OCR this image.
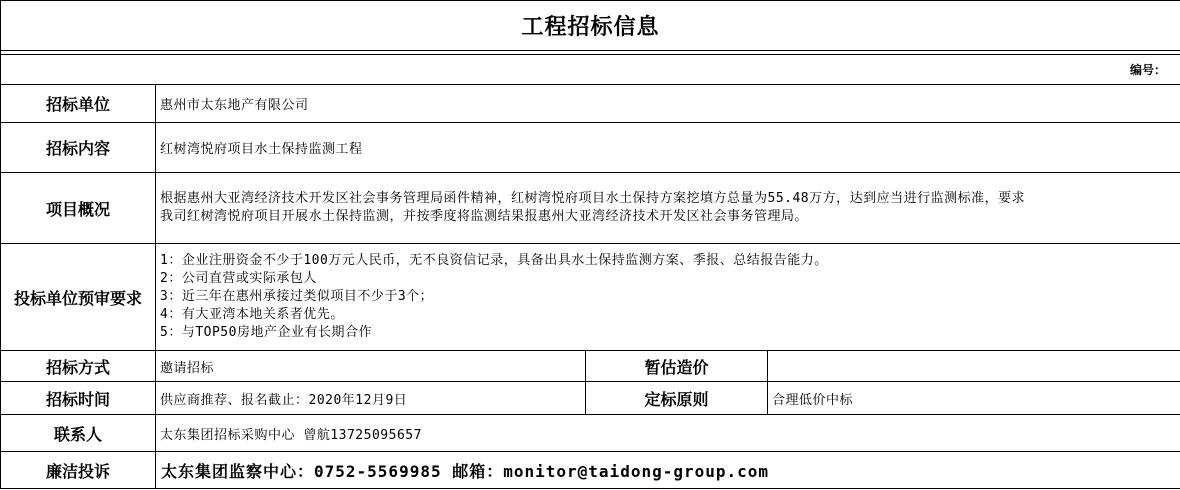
工程招标信息			

编号：			
招标单位	惠州市太东地产有限公司		
招标内容	红树湾悦府项目水土保持监测工程		
项目概况	根据惠州大亚湾经济技术开发区社会事务管理局函件精神，红树湾悦府项目水土保持方案挖填方总量为55.48万方，达到应当进行监测标准，要求
我司红树湾悦府项目开展水土保持监测，并按季度将监测结果报惠州大亚湾经济技术开发区社会事务管理局。		

投标单位预审要求	1：企业注册资金不少于100万元人民币，无不良资信记录，具备出具水土保持监测方案、季报、总结报告能力。
2：公司直营或实际承包人
3：近三年在惠州承接过类似项目不少于3个；
4：有大亚湾本地关系者优先。
5：与TOP50房地产企业有长期合作		

招标方式	邀请招标	暂估造价	
招标时间	供应商推荐、报名截止：2020年12月9日	定标原则	合理低价中标
联系人	太东集团招标采购中心 曾航13725095657		
廉洁投诉	太东集团监察中心：0752-5569985 邮箱：monitor@taidong-group.com		
